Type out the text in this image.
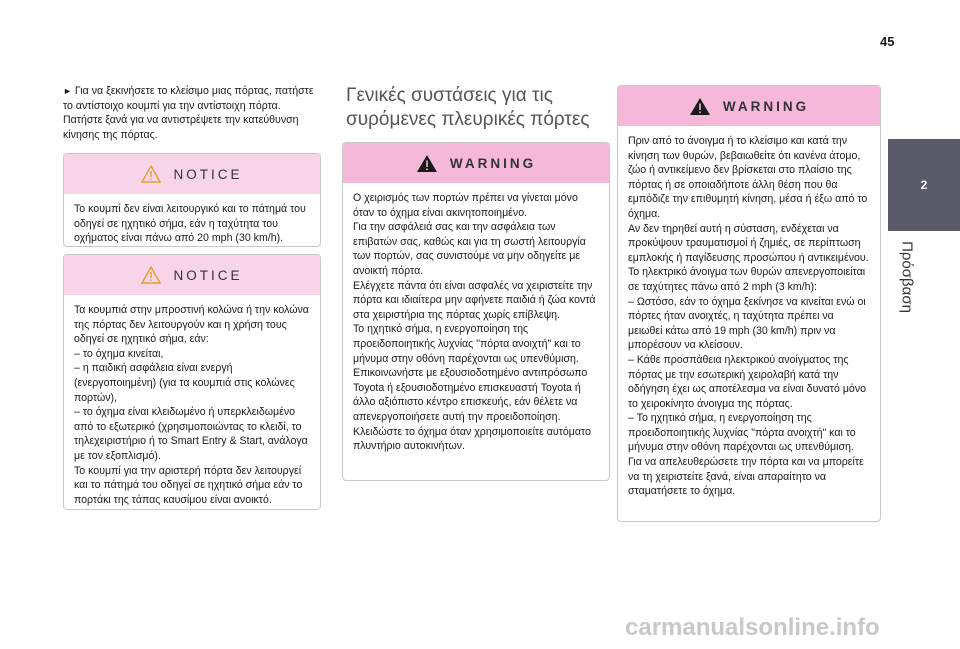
45
2
Πρόσβαση

► Για να ξεκινήσετε το κλείσιμο μιας πόρτας, πατήστε το αντίστοιχο κουμπί για την αντίστοιχη πόρτα. Πατήστε ξανά για να αντιστρέψετε την κατεύθυνση κίνησης της πόρτας.

NOTICE

Το κουμπί δεν είναι λειτουργικό και το πάτημά του οδηγεί σε ηχητικό σήμα, εάν η ταχύτητα του οχήματος είναι πάνω από 20 mph (30 km/h).

NOTICE

Τα κουμπιά στην μπροστινή κολώνα ή την κολώνα της πόρτας δεν λειτουργούν και η χρήση τους οδηγεί σε ηχητικό σήμα, εάν:

– το όχημα κινείται,

– η παιδική ασφάλεια είναι ενεργή (ενεργοποιημένη) (για τα κουμπιά στις κολώνες πορτών),

– το όχημα είναι κλειδωμένο ή υπερκλειδωμένο από το εξωτερικό (χρησιμοποιώντας το κλειδί, το τηλεχειριστήριο ή το Smart Entry & Start, ανάλογα με τον εξοπλισμό).

Το κουμπί για την αριστερή πόρτα δεν λειτουργεί και το πάτημά του οδηγεί σε ηχητικό σήμα εάν το πορτάκι της τάπας καυσίμου είναι ανοικτό.

Γενικές συστάσεις για τις συρόμενες πλευρικές πόρτες
WARNING

Ο χειρισμός των πορτών πρέπει να γίνεται μόνο όταν το όχημα είναι ακινητοποιημένο.

Για την ασφάλειά σας και την ασφάλεια των επιβατών σας, καθώς και για τη σωστή λειτουργία των πορτών, σας συνιστούμε να μην οδηγείτε με ανοικτή πόρτα.

Ελέγχετε πάντα ότι είναι ασφαλές να χειριστείτε την πόρτα και ιδιαίτερα μην αφήνετε παιδιά ή ζώα κοντά στα χειριστήρια της πόρτας χωρίς επίβλεψη.

Το ηχητικό σήμα, η ενεργοποίηση της προειδοποιητικής λυχνίας "πόρτα ανοιχτή" και το μήνυμα στην οθόνη παρέχονται ως υπενθύμιση.

Επικοινωνήστε με εξουσιοδοτημένο αντιπρόσωπο Toyota ή εξουσιοδοτημένο επισκευαστή Toyota ή άλλο αξιόπιστο κέντρο επισκευής, εάν θέλετε να απενεργοποιήσετε αυτή την προειδοποίηση.

Κλειδώστε το όχημα όταν χρησιμοποιείτε αυτόματο πλυντήριο αυτοκινήτων.

WARNING

Πριν από το άνοιγμα ή το κλείσιμο και κατά την κίνηση των θυρών, βεβαιωθείτε ότι κανένα άτομο, ζώο ή αντικείμενο δεν βρίσκεται στο πλαίσιο της πόρτας ή σε οποιαδήποτε άλλη θέση που θα εμπόδιζε την επιθυμητή κίνηση, μέσα ή έξω από το όχημα.

Αν δεν τηρηθεί αυτή η σύσταση, ενδέχεται να προκύψουν τραυματισμοί ή ζημιές, σε περίπτωση εμπλοκής ή παγίδευσης προσώπου ή αντικειμένου.

Το ηλεκτρικό άνοιγμα των θυρών απενεργοποιείται σε ταχύτητες πάνω από 2 mph (3 km/h):

– Ωστόσο, εάν το όχημα ξεκίνησε να κινείται ενώ οι πόρτες ήταν ανοιχτές, η ταχύτητα πρέπει να μειωθεί κάτω από 19 mph (30 km/h) πριν να μπορέσουν να κλείσουν.

– Κάθε προσπάθεια ηλεκτρικού ανοίγματος της πόρτας με την εσωτερική χειρολαβή κατά την οδήγηση έχει ως αποτέλεσμα να είναι δυνατό μόνο το χειροκίνητο άνοιγμα της πόρτας.

– Το ηχητικό σήμα, η ενεργοποίηση της προειδοποιητικής λυχνίας "πόρτα ανοιχτή" και το μήνυμα στην οθόνη παρέχονται ως υπενθύμιση. Για να απελευθερώσετε την πόρτα και να μπορείτε να τη χειριστείτε ξανά, είναι απαραίτητο να σταματήσετε το όχημα.

carmanualsonline.info
